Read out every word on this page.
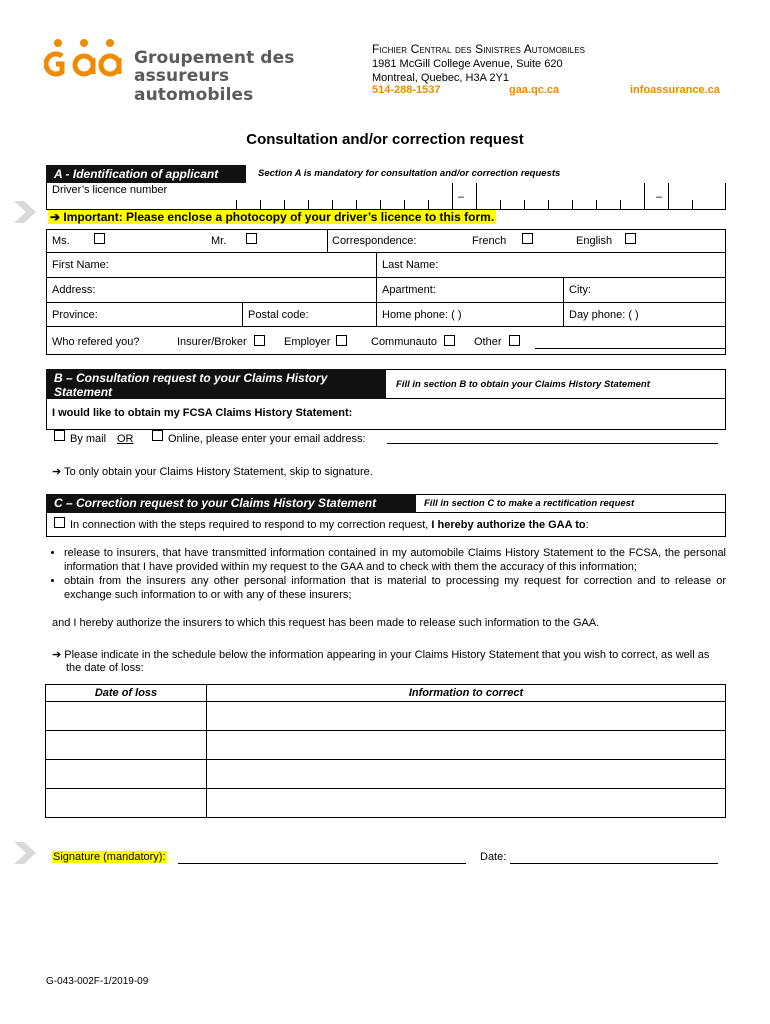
Groupement des
assureurs automobiles
Fichier Central des Sinistres Automobiles
1981 McGill College Avenue, Suite 620
Montreal, Quebec, H3A 2Y1
514-288-1537	gaa.qc.ca	infoassurance.ca
Consultation and/or correction request
A - Identification of applicant	Section A is mandatory for consultation and/or correction requests
Driver’s licence number
–	–
➔ Important: Please enclose a photocopy of your driver’s licence to this form.
Ms.	Mr.	Correspondence:	French	English
First Name:	Last Name:
Address:	Apartment:	City:
Province:	Postal code:	Home phone: ( )	Day phone: ( )
Who refered you?	Insurer/Broker	Employer	Communauto	Other
B – Consultation request to your Claims History Statement
Fill in section B to obtain your Claims History Statement
I would like to obtain my FCSA Claims History Statement:
By mail OR	Online, please enter your email address:
➔ To only obtain your Claims History Statement, skip to signature.
C – Correction request to your Claims History Statement	Fill in section C to make a rectification request
In connection with the steps required to respond to my correction request, I hereby authorize the GAA to:
• release to insurers, that have transmitted information contained in my automobile Claims History Statement to the FCSA, the personal information that I have provided within my request to the GAA and to check with them the accuracy of this information;
• obtain from the insurers any other personal information that is material to processing my request for correction and to release or exchange such information to or with any of these insurers;
and I hereby authorize the insurers to which this request has been made to release such information to the GAA.
➔ Please indicate in the schedule below the information appearing in your Claims History Statement that you wish to correct, as well as the date of loss:
Date of loss	Information to correct

Signature (mandatory):	Date:
G-043-002F-1/2019-09
